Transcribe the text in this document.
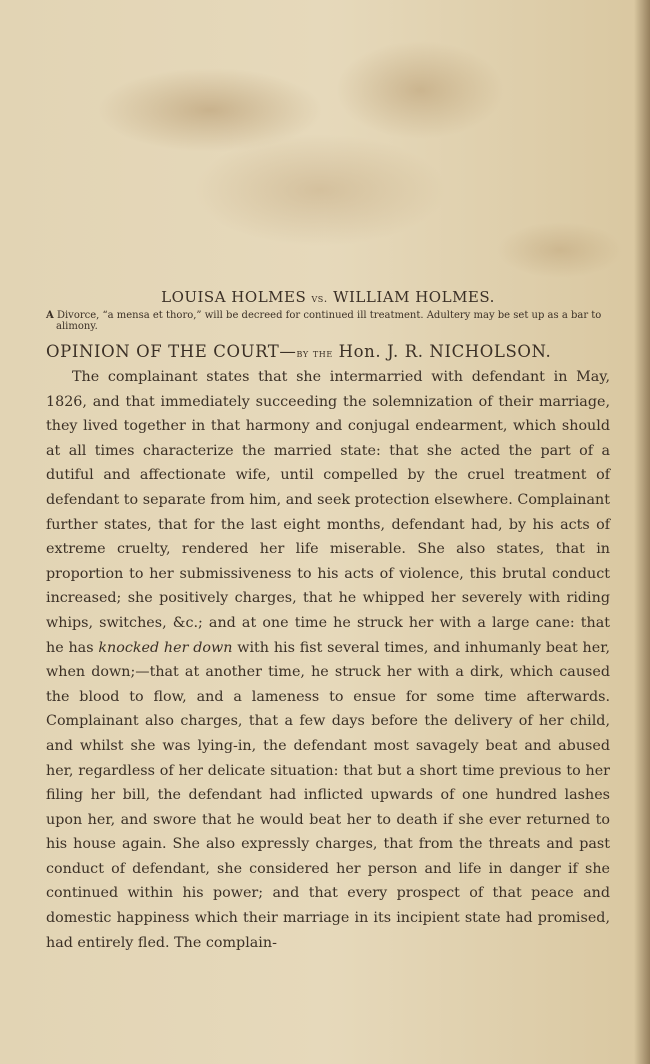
LOUISA HOLMES vs. WILLIAM HOLMES.

A Divorce, “a mensa et thoro,” will be decreed for continued ill treatment. Adultery may be set up as a bar to alimony.

OPINION OF THE COURT—by the Hon. J. R. NICHOLSON.

The complainant states that she intermarried with defendant in May, 1826, and that immediately succeeding the solemnization of their marriage, they lived together in that harmony and conjugal endearment, which should at all times characterize the married state: that she acted the part of a dutiful and affectionate wife, until compelled by the cruel treatment of defendant to separate from him, and seek protection elsewhere. Complainant further states, that for the last eight months, defendant had, by his acts of extreme cruelty, rendered her life miserable. She also states, that in proportion to her submissiveness to his acts of violence, this brutal conduct increased; she positively charges, that he whipped her severely with riding whips, switches, &c.; and at one time he struck her with a large cane: that he has knocked her down with his fist several times, and inhumanly beat her, when down;—that at another time, he struck her with a dirk, which caused the blood to flow, and a lameness to ensue for some time afterwards. Complainant also charges, that a few days before the delivery of her child, and whilst she was lying-in, the defendant most savagely beat and abused her, regardless of her delicate situation: that but a short time previous to her filing her bill, the defendant had inflicted upwards of one hundred lashes upon her, and swore that he would beat her to death if she ever returned to his house again. She also expressly charges, that from the threats and past conduct of defendant, she considered her person and life in danger if she continued within his power; and that every prospect of that peace and domestic happiness which their marriage in its incipient state had promised, had entirely fled. The complain-
